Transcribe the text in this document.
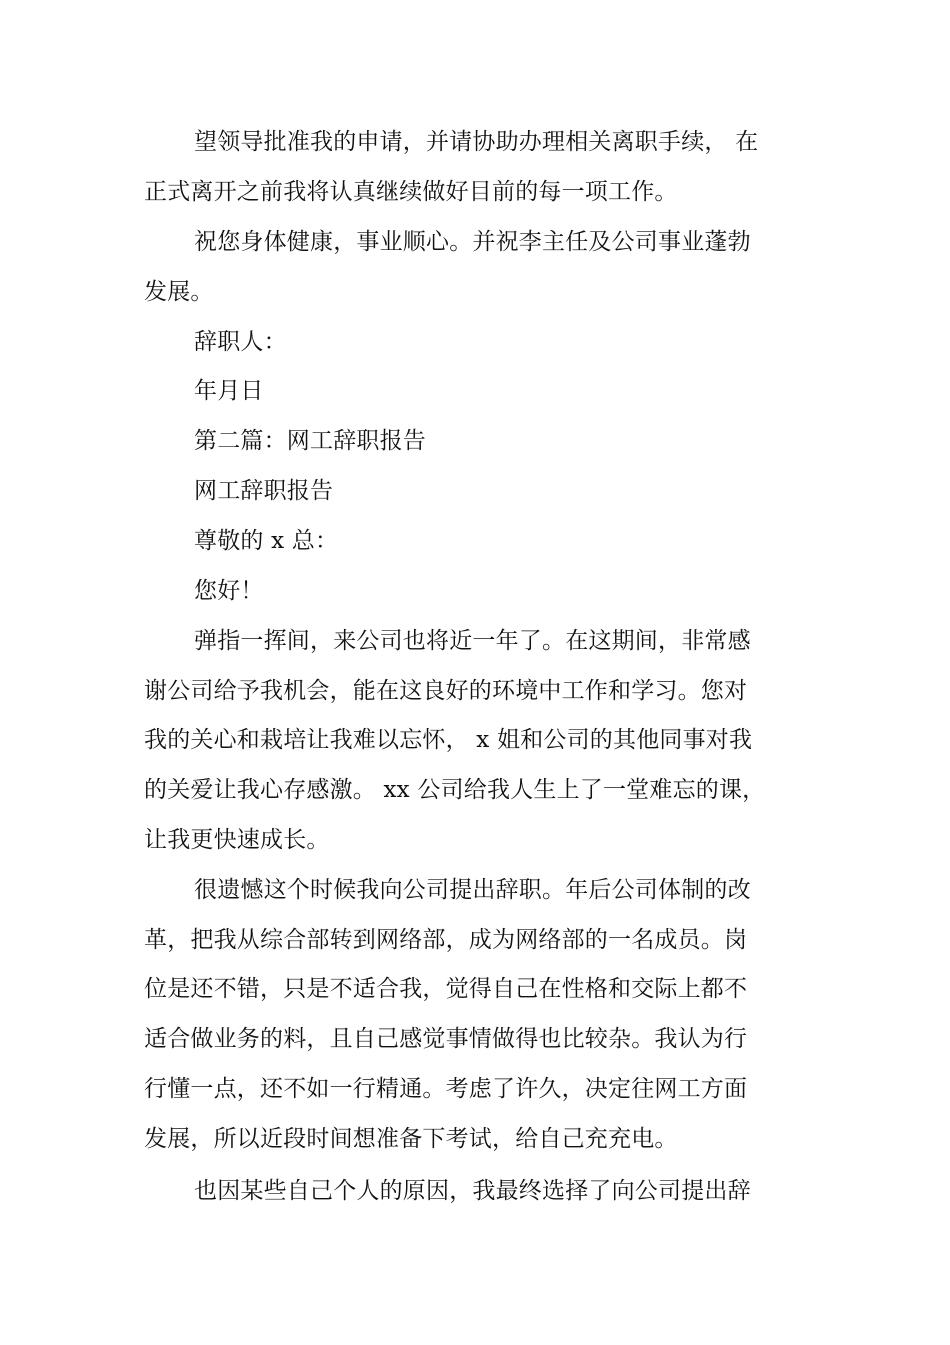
望领导批准我的申请，并请协助办理相关离职手续， 在
正式离开之前我将认真继续做好目前的每一项工作。
祝您身体健康，事业顺心。并祝李主任及公司事业蓬勃
发展。
辞职人：
年月日
第二篇：网工辞职报告
网工辞职报告
尊敬的 x 总：
您好！
弹指一挥间，来公司也将近一年了。在这期间，非常感
谢公司给予我机会，能在这良好的环境中工作和学习。您对
我的关心和栽培让我难以忘怀， x 姐和公司的其他同事对我
的关爱让我心存感激。 xx 公司给我人生上了一堂难忘的课，
让我更快速成长。
很遗憾这个时候我向公司提出辞职。年后公司体制的改
革，把我从综合部转到网络部，成为网络部的一名成员。岗
位是还不错，只是不适合我，觉得自己在性格和交际上都不
适合做业务的料，且自己感觉事情做得也比较杂。我认为行
行懂一点，还不如一行精通。考虑了许久，决定往网工方面
发展，所以近段时间想准备下考试，给自己充充电。
也因某些自己个人的原因，我最终选择了向公司提出辞
